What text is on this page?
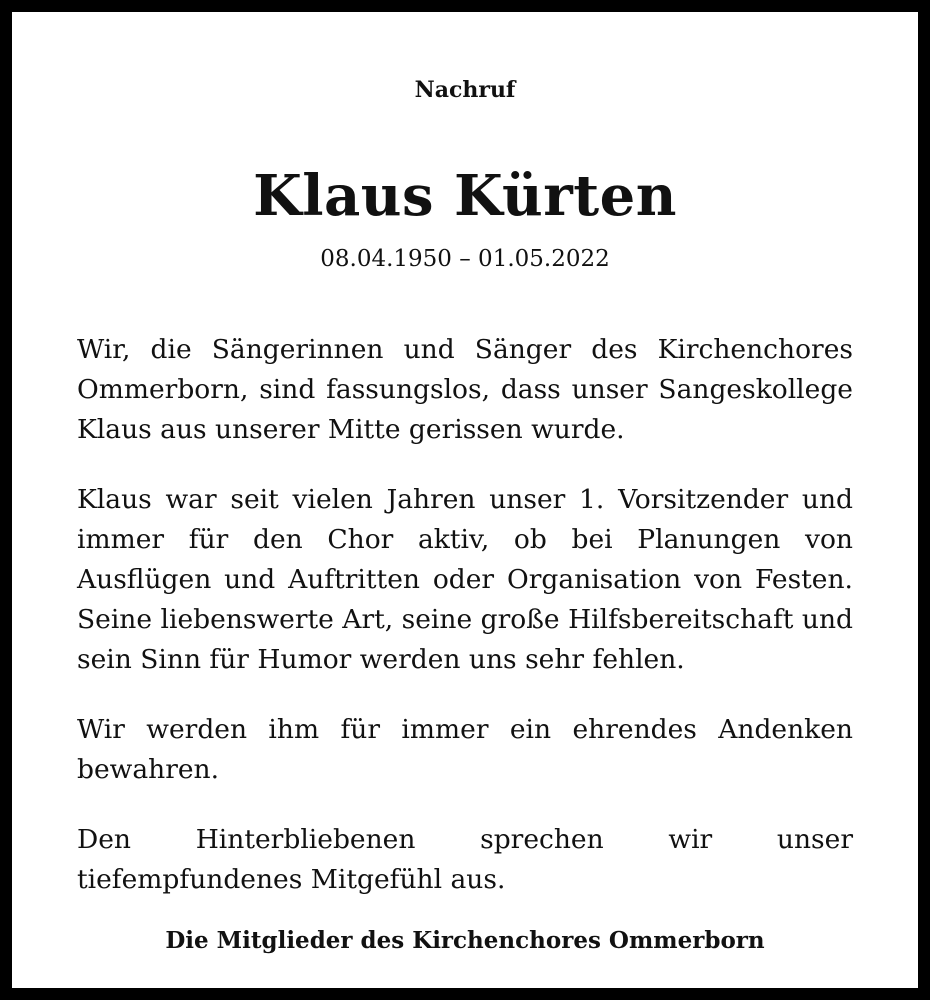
Nachruf
Klaus Kürten
08.04.1950 – 01.05.2022

Wir, die Sängerinnen und Sänger des Kirchenchores Ommerborn, sind fassungslos, dass unser Sangeskollege Klaus aus unserer Mitte gerissen wurde.

Klaus war seit vielen Jahren unser 1. Vorsitzender und immer für den Chor aktiv, ob bei Planungen von Ausflügen und Auftritten oder Organisation von Festen. Seine liebenswerte Art, seine große Hilfsbereitschaft und sein Sinn für Humor werden uns sehr fehlen.

Wir werden ihm für immer ein ehrendes Andenken bewahren.

Den Hinterbliebenen sprechen wir unser tiefempfundenes Mitgefühl aus.

Die Mitglieder des Kirchenchores Ommerborn
